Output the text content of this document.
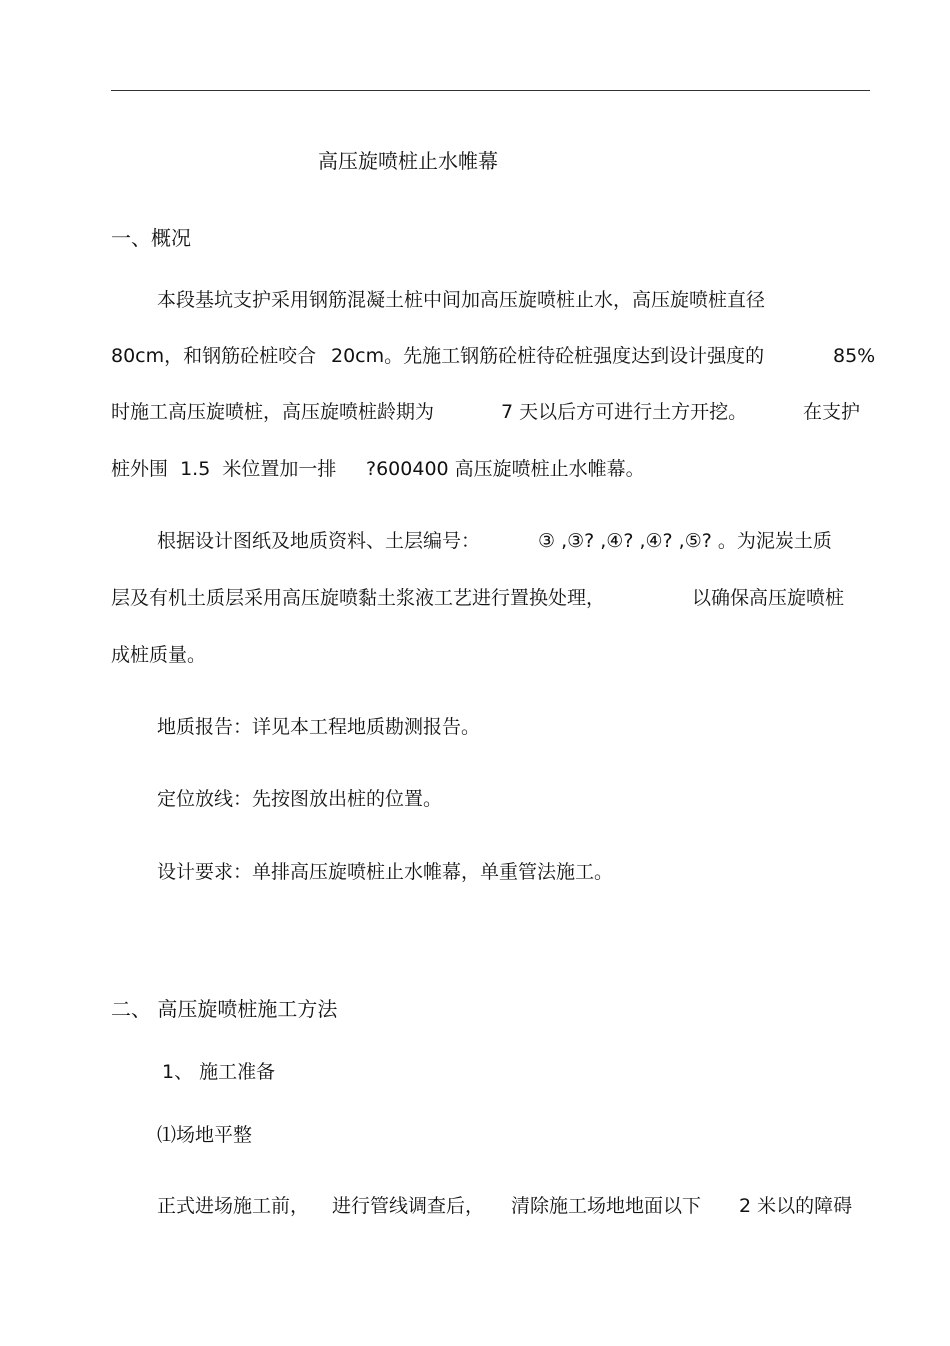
高压旋喷桩止水帷幕
一、概况
本段基坑支护采用钢筋混凝土桩中间加高压旋喷桩止水，高压旋喷桩直径
80cm，和钢筋砼桩咬合 20cm。先施工钢筋砼桩待砼桩强度达到设计强度的	85%
时施工高压旋喷桩，高压旋喷桩龄期为	7 天以后方可进行土方开挖。	在支护
桩外围  1.5  米位置加一排 ?600400 高压旋喷桩止水帷幕。
根据设计图纸及地质资料、土层编号：	③ ,③? ,④? ,④? ,⑤? 。为泥炭土质
层及有机土质层采用高压旋喷黏土浆液工艺进行置换处理，	以确保高压旋喷桩
成桩质量。
地质报告：详见本工程地质勘测报告。
定位放线：先按图放出桩的位置。
设计要求：单排高压旋喷桩止水帷幕，单重管法施工。
二、 高压旋喷桩施工方法
1、 施工准备
⑴场地平整
正式进场施工前， 进行管线调查后， 清除施工场地地面以下 2 米以的障碍
